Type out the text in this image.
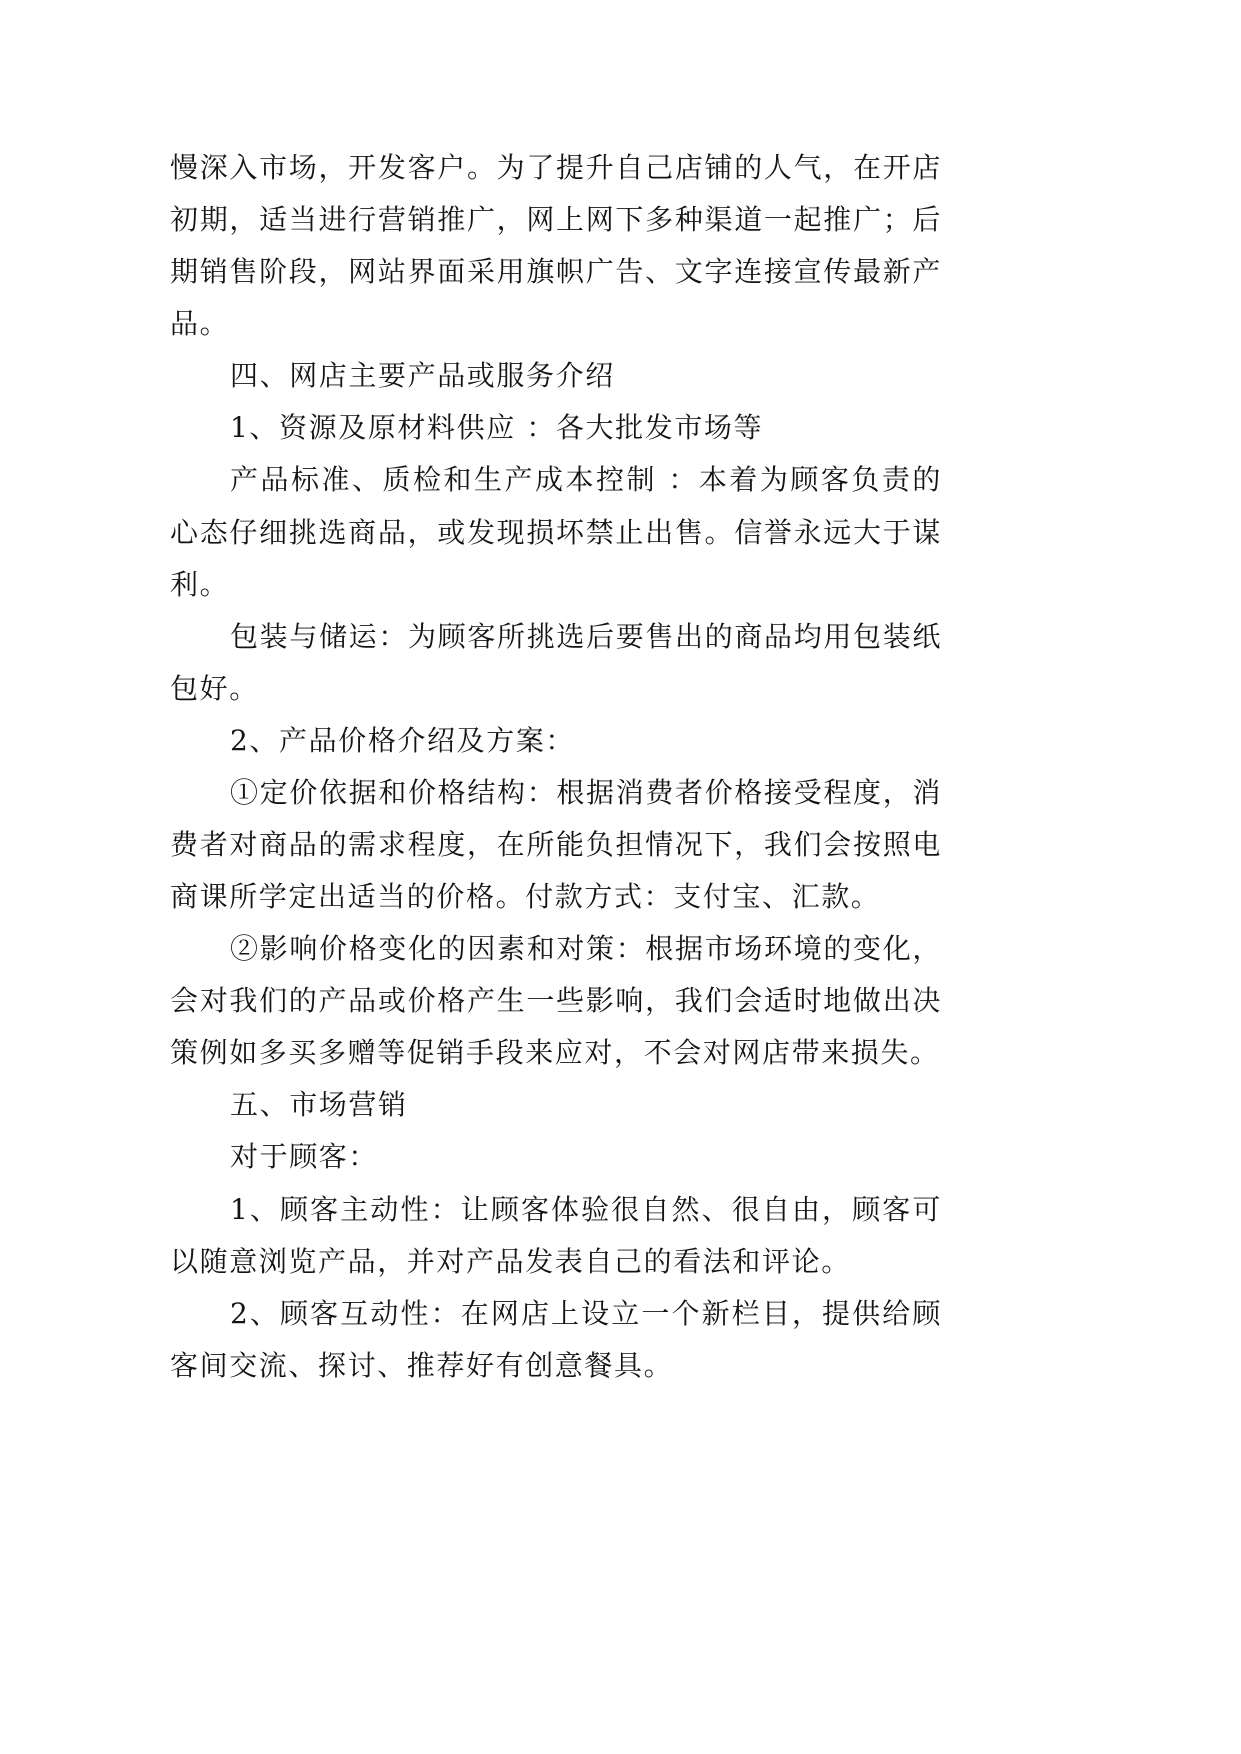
慢深入市场，开发客户。为了提升自己店铺的人气，在开店
初期，适当进行营销推广，网上网下多种渠道一起推广；后
期销售阶段，网站界面采用旗帜广告、文字连接宣传最新产
品。
四、网店主要产品或服务介绍
1、资源及原材料供应 ：各大批发市场等
产品标准、质检和生产成本控制 ：本着为顾客负责的
心态仔细挑选商品，或发现损坏禁止出售。信誉永远大于谋
利。
包装与储运：为顾客所挑选后要售出的商品均用包装纸
包好。
2、产品价格介绍及方案：
①定价依据和价格结构：根据消费者价格接受程度，消
费者对商品的需求程度，在所能负担情况下，我们会按照电
商课所学定出适当的价格。付款方式：支付宝、汇款。
②影响价格变化的因素和对策：根据市场环境的变化，
会对我们的产品或价格产生一些影响，我们会适时地做出决
策例如多买多赠等促销手段来应对，不会对网店带来损失。
五、市场营销
对于顾客：
1、顾客主动性：让顾客体验很自然、很自由，顾客可
以随意浏览产品，并对产品发表自己的看法和评论。
2、顾客互动性：在网店上设立一个新栏目，提供给顾
客间交流、探讨、推荐好有创意餐具。
